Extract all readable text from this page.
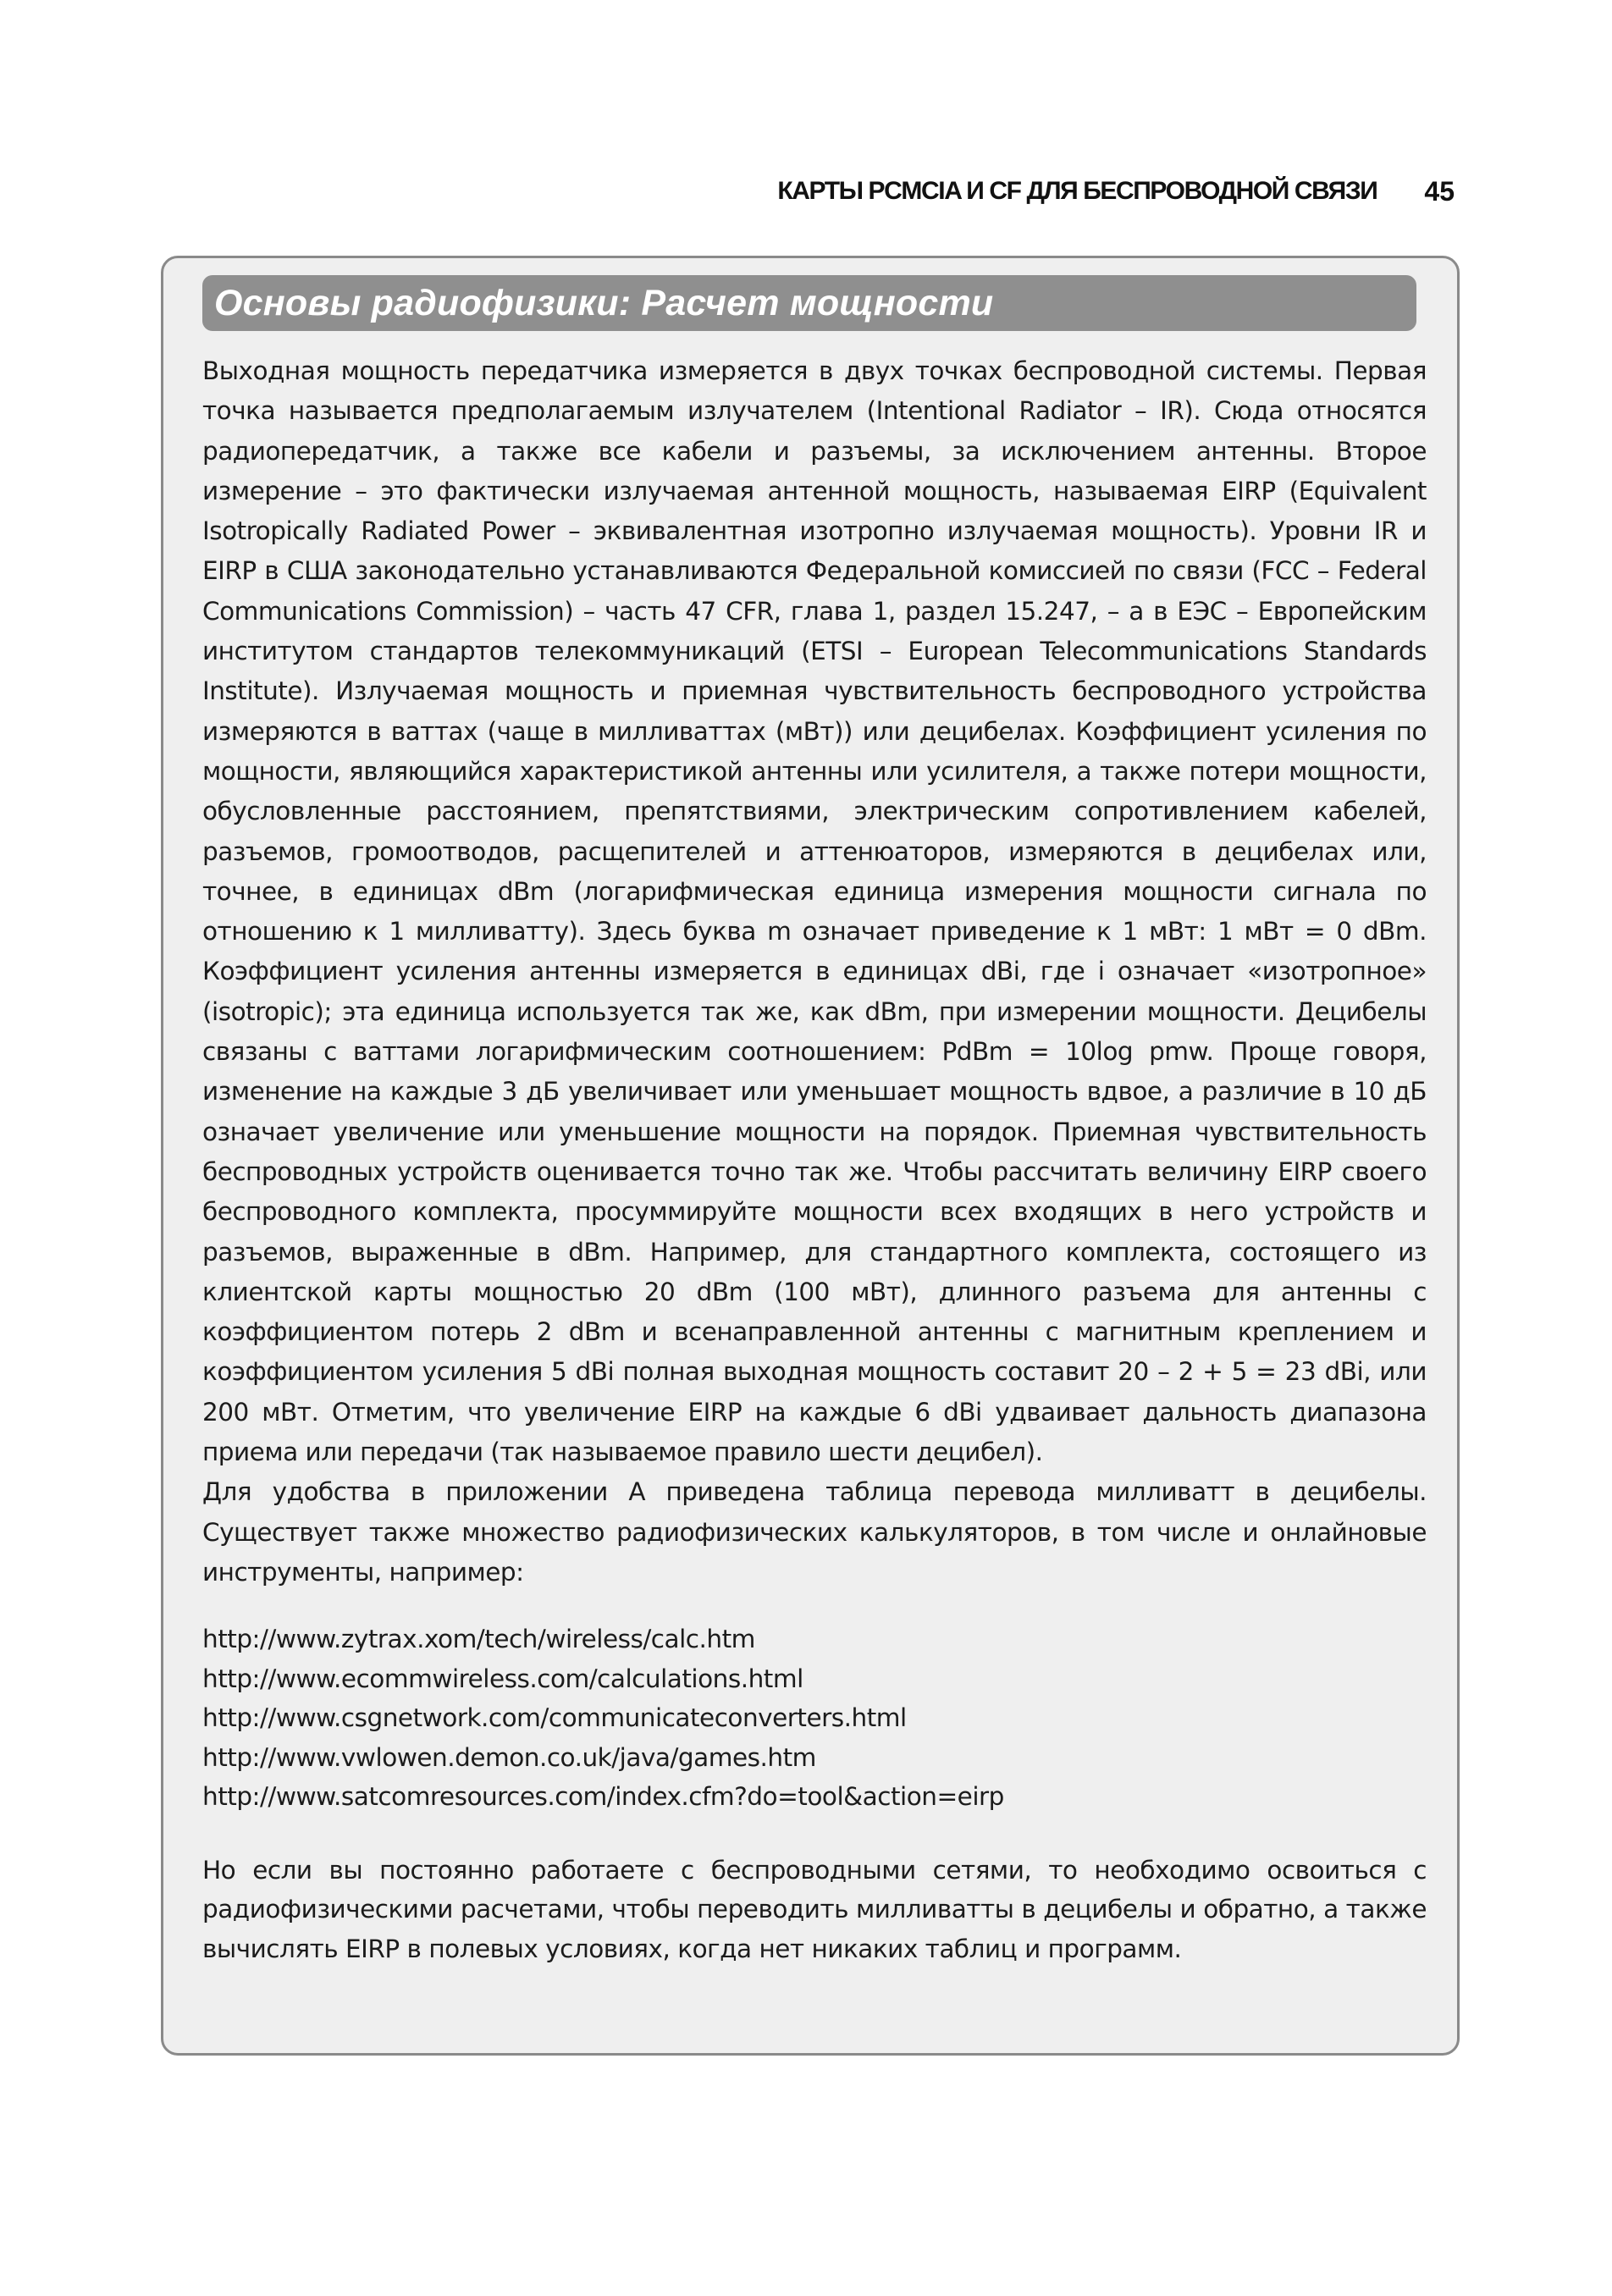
КАРТЫ PCMCIA И CF ДЛЯ БЕСПРОВОДНОЙ СВЯЗИ 45
Основы радиофизики: Расчет мощности

Выходная мощность передатчика измеряется в двух точках беспроводной системы. Первая точка называется предполагаемым излучателем (Intentional Radiator – IR). Сюда относятся радиопередатчик, а также все кабели и разъемы, за исключением антенны. Второе измерение – это фактически излучаемая антенной мощность, называемая EIRP (Equivalent Isotropically Radiated Power – эквивалентная изотропно излучаемая мощность). Уровни IR и EIRP в США законодательно устанавливаются Федеральной комиссией по связи (FCC – Federal Communications Commission) – часть 47 CFR, глава 1, раздел 15.247, – а в ЕЭС – Европейским институтом стандартов телекоммуникаций (ETSI – European Telecommunications Standards Institute). Излучаемая мощность и приемная чувствительность беспроводного устройства измеряются в ваттах (чаще в милливаттах (мВт)) или децибелах. Коэффициент усиления по мощности, являющийся характеристикой антенны или усилителя, а также потери мощности, обусловленные расстоянием, препятствиями, электрическим сопротивлением кабелей, разъемов, громоотводов, расщепителей и аттенюаторов, измеряются в децибелах или, точнее, в единицах dBm (логарифмическая единица измерения мощности сигнала по отношению к 1 милливатту). Здесь буква m означает приведение к 1 мВт: 1 мВт = 0 dBm. Коэффициент усиления антенны измеряется в единицах dBi, где i означает «изотропное» (isotropic); эта единица используется так же, как dBm, при измерении мощности. Децибелы связаны с ваттами логарифмическим соотношением: PdBm = 10log pmw. Проще говоря, изменение на каждые 3 дБ увеличивает или уменьшает мощность вдвое, а различие в 10 дБ означает увеличение или уменьшение мощности на порядок. Приемная чувствительность беспроводных устройств оценивается точно так же. Чтобы рассчитать величину EIRP своего беспроводного комплекта, просуммируйте мощности всех входящих в него устройств и разъемов, выраженные в dBm. Например, для стандартного комплекта, состоящего из клиентской карты мощностью 20 dBm (100 мВт), длинного разъема для антенны с коэффициентом потерь 2 dBm и всенаправленной антенны с магнитным креплением и коэффициентом усиления 5 dBi полная выходная мощность составит 20 – 2 + 5 = 23 dBi, или 200 мВт. Отметим, что увеличение EIRP на каждые 6 dBi удваивает дальность диапазона приема или передачи (так называемое правило шести децибел).

Для удобства в приложении А приведена таблица перевода милливатт в децибелы. Существует также множество радиофизических калькуляторов, в том числе и онлайновые инструменты, например:

http://www.zytrax.xom/tech/wireless/calc.htm
http://www.ecommwireless.com/calculations.html
http://www.csgnetwork.com/communicateconverters.html
http://www.vwlowen.demon.co.uk/java/games.htm
http://www.satcomresources.com/index.cfm?do=tool&action=eirp

Но если вы постоянно работаете с беспроводными сетями, то необходимо освоиться с радиофизическими расчетами, чтобы переводить милливатты в децибелы и обратно, а также вычислять EIRP в полевых условиях, когда нет никаких таблиц и программ.
